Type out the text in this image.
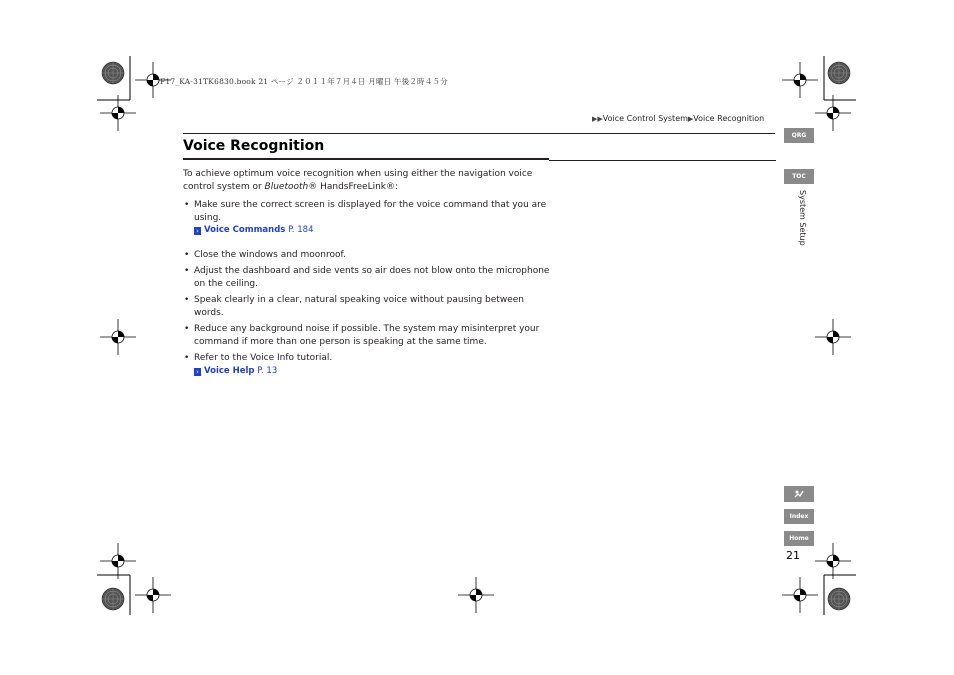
F17_KA-31TK6830.book 21 ページ ２０１１年７月４日 月曜日 午後２時４５分
▶▶Voice Control System▶Voice Recognition
Voice Recognition

To achieve optimum voice recognition when using either the navigation voice control system or Bluetooth® HandsFreeLink®:

• Make sure the correct screen is displayed for the voice command that you are using.
› Voice Commands P. 184
• Close the windows and moonroof.
• Adjust the dashboard and side vents so air does not blow onto the microphone on the ceiling.
• Speak clearly in a clear, natural speaking voice without pausing between words.
• Reduce any background noise if possible. The system may misinterpret your command if more than one person is speaking at the same time.
• Refer to the Voice Info tutorial.
› Voice Help P. 13
QRG
TOC
System Setup
Index
Home
21
